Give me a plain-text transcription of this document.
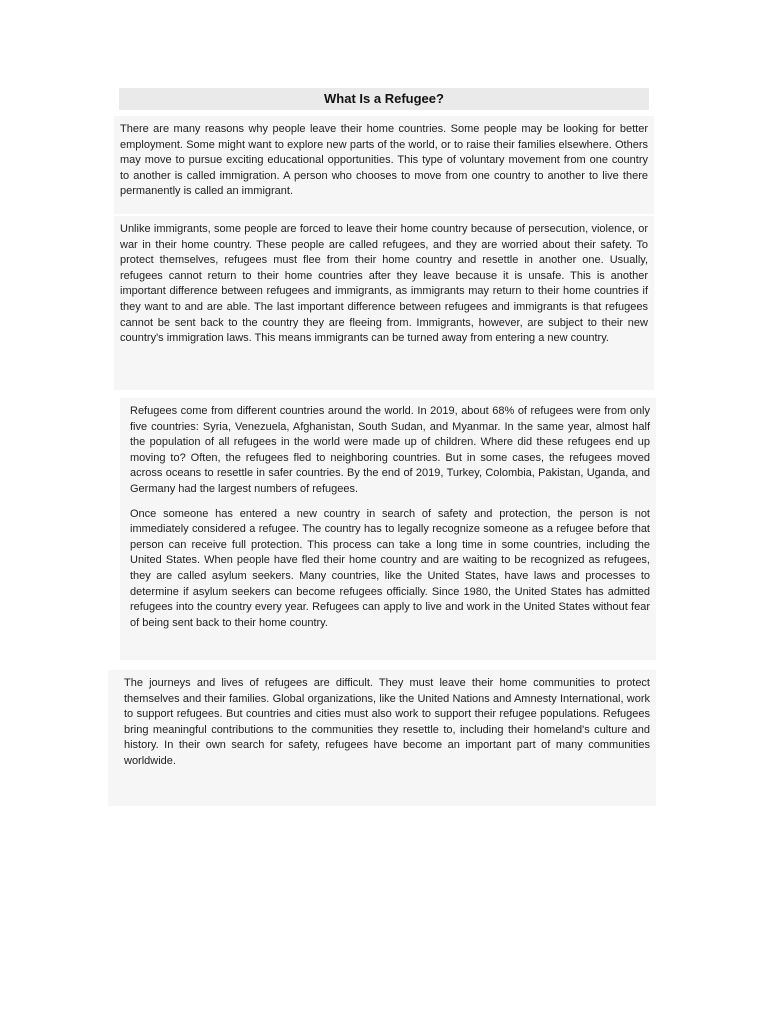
What Is a Refugee?

There are many reasons why people leave their home countries. Some people may be looking for better employment. Some might want to explore new parts of the world, or to raise their families elsewhere. Others may move to pursue exciting educational opportunities. This type of voluntary movement from one country to another is called immigration. A person who chooses to move from one country to another to live there permanently is called an immigrant.

Unlike immigrants, some people are forced to leave their home country because of persecution, violence, or war in their home country. These people are called refugees, and they are worried about their safety. To protect themselves, refugees must flee from their home country and resettle in another one. Usually, refugees cannot return to their home countries after they leave because it is unsafe. This is another important difference between refugees and immigrants, as immigrants may return to their home countries if they want to and are able. The last important difference between refugees and immigrants is that refugees cannot be sent back to the country they are fleeing from. Immigrants, however, are subject to their new country's immigration laws. This means immigrants can be turned away from entering a new country.

Refugees come from different countries around the world. In 2019, about 68% of refugees were from only five countries: Syria, Venezuela, Afghanistan, South Sudan, and Myanmar. In the same year, almost half the population of all refugees in the world were made up of children. Where did these refugees end up moving to? Often, the refugees fled to neighboring countries. But in some cases, the refugees moved across oceans to resettle in safer countries. By the end of 2019, Turkey, Colombia, Pakistan, Uganda, and Germany had the largest numbers of refugees.

Once someone has entered a new country in search of safety and protection, the person is not immediately considered a refugee. The country has to legally recognize someone as a refugee before that person can receive full protection. This process can take a long time in some countries, including the United States. When people have fled their home country and are waiting to be recognized as refugees, they are called asylum seekers. Many countries, like the United States, have laws and processes to determine if asylum seekers can become refugees officially. Since 1980, the United States has admitted refugees into the country every year. Refugees can apply to live and work in the United States without fear of being sent back to their home country.

The journeys and lives of refugees are difficult. They must leave their home communities to protect themselves and their families. Global organizations, like the United Nations and Amnesty International, work to support refugees. But countries and cities must also work to support their refugee populations. Refugees bring meaningful contributions to the communities they resettle to, including their homeland's culture and history. In their own search for safety, refugees have become an important part of many communities worldwide.
